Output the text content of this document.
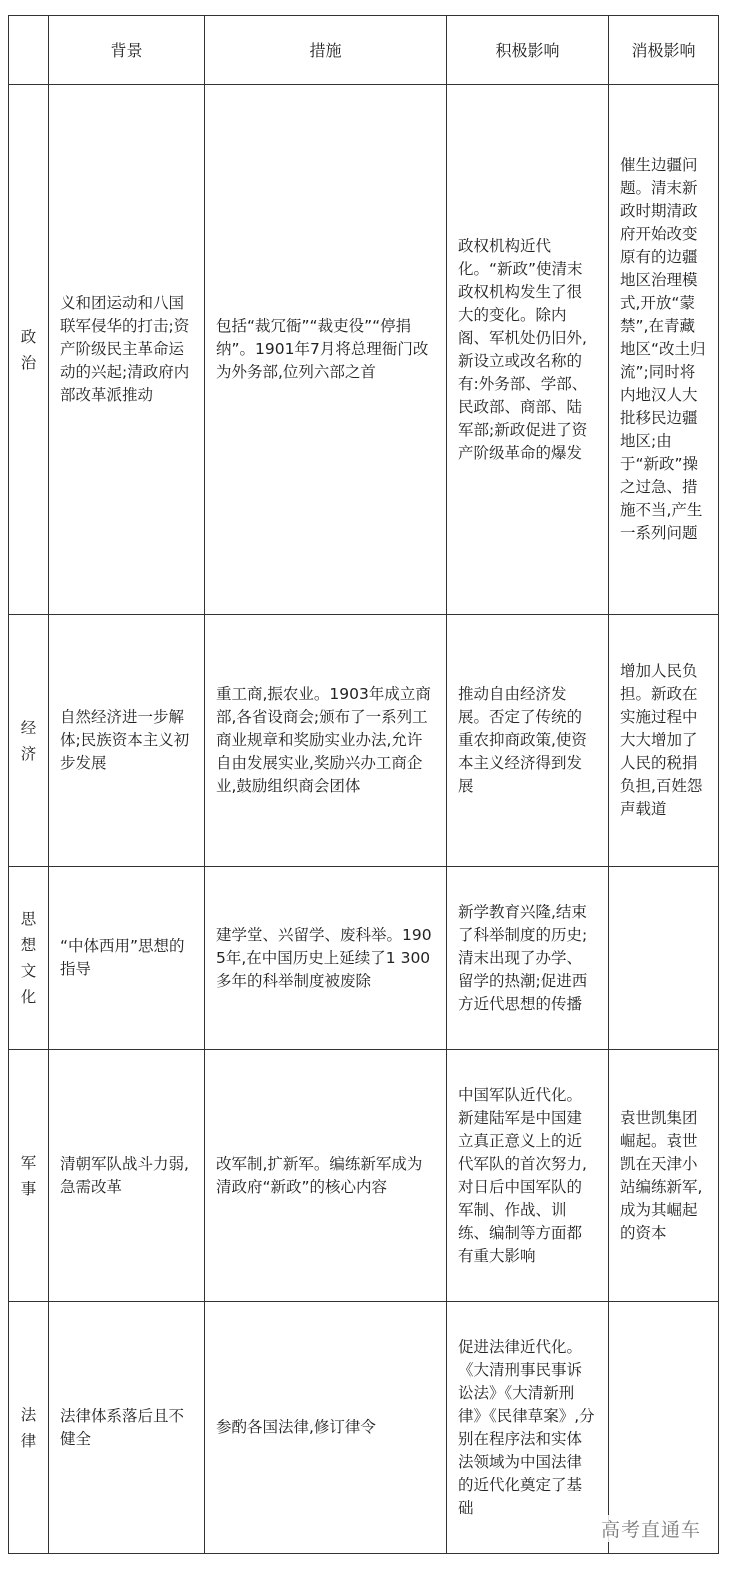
	背景	措施	积极影响	消极影响

政治	义和团运动和八国联军侵华的打击;资产阶级民主革命运动的兴起;清政府内部改革派推动	包括“裁冗衙”“裁吏役”“停捐纳”。1901年7月将总理衙门改为外务部,位列六部之首	政权机构近代化。“新政”使清末政权机构发生了很大的变化。除内阁、军机处仍旧外,新设立或改名称的有:外务部、学部、民政部、商部、陆军部;新政促进了资产阶级革命的爆发	催生边疆问题。清末新政时期清政府开始改变原有的边疆地区治理模式,开放“蒙禁”,在青藏地区“改土归流”;同时将内地汉人大批移民边疆地区;由于“新政”操之过急、措施不当,产生一系列问题

经济	自然经济进一步解体;民族资本主义初步发展	重工商,振农业。1903年成立商部,各省设商会;颁布了一系列工商业规章和奖励实业办法,允许自由发展实业,奖励兴办工商企业,鼓励组织商会团体	推动自由经济发展。否定了传统的重农抑商政策,使资本主义经济得到发展	增加人民负担。新政在实施过程中大大增加了人民的税捐负担,百姓怨声载道

思想文化	“中体西用”思想的指导	建学堂、兴留学、废科举。1905年,在中国历史上延续了1 300多年的科举制度被废除	新学教育兴隆,结束了科举制度的历史;清末出现了办学、留学的热潮;促进西方近代思想的传播	

军事	清朝军队战斗力弱,急需改革	改军制,扩新军。编练新军成为清政府“新政”的核心内容	中国军队近代化。新建陆军是中国建立真正意义上的近代军队的首次努力,对日后中国军队的军制、作战、训练、编制等方面都有重大影响	袁世凯集团崛起。袁世凯在天津小站编练新军,成为其崛起的资本

法律	法律体系落后且不健全	参酌各国法律,修订律令	促进法律近代化。《大清刑事民事诉讼法》《大清新刑律》《民律草案》,分别在程序法和实体法领域为中国法律的近代化奠定了基础	
高考直通车
